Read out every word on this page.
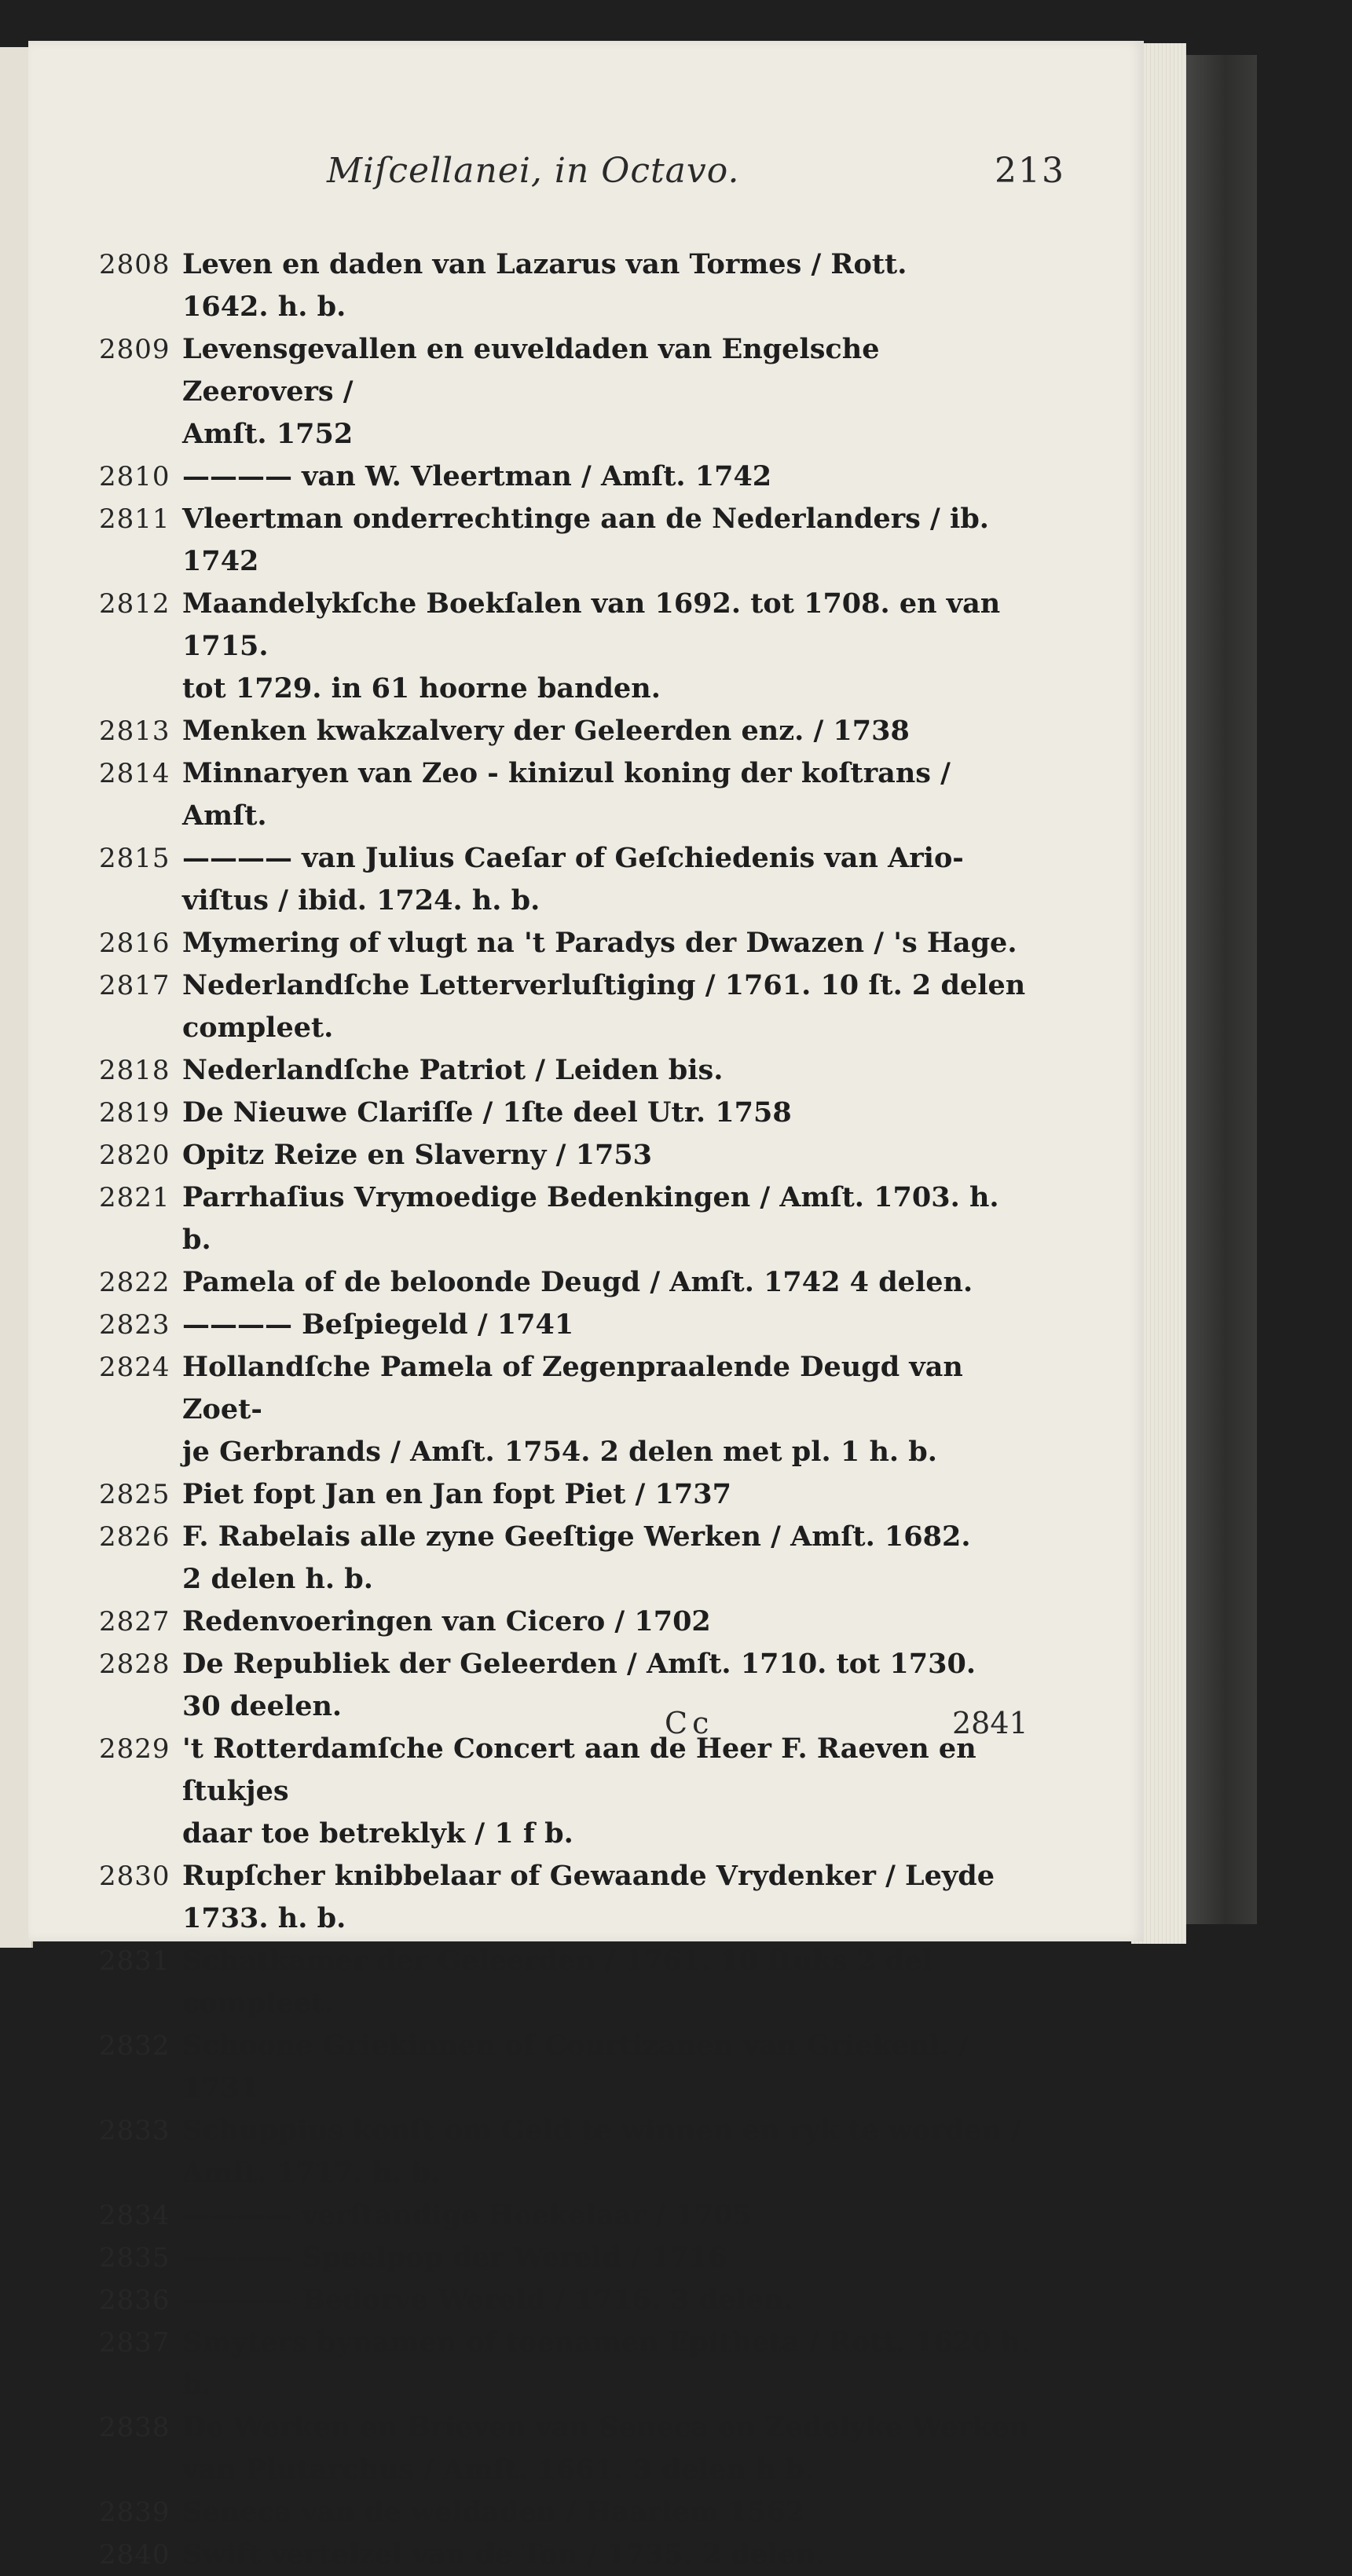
Miſcellanei, in Octavo.	213
2808 Leven en daden van Lazarus van Tormes / Rott.
1642. h. b.
2809 Levensgevallen en euveldaden van Engelsche Zeerovers /
Amſt. 1752
2810 ———— van W. Vleertman / Amſt. 1742
2811 Vleertman onderrechtinge aan de Nederlanders / ib. 1742
2812 Maandelykſche Boekſalen van 1692. tot 1708. en van 1715.
tot 1729. in 61 hoorne banden.
2813 Menken kwakzalvery der Geleerden enz. / 1738
2814 Minnaryen van Zeo - kinizul koning der koſtrans / Amſt.
2815 ———— van Julius Caeſar of Geſchiedenis van Ario-
viſtus / ibid. 1724. h. b.
2816 Mymering of vlugt na 't Paradys der Dwazen / 's Hage.
2817 Nederlandſche Letterverluſtiging / 1761. 10 ſt. 2 delen
compleet.
2818 Nederlandſche Patriot / Leiden bis.
2819 De Nieuwe Clariſſe / 1ſte deel Utr. 1758
2820 Opitz Reize en Slaverny / 1753
2821 Parrhaſius Vrymoedige Bedenkingen / Amſt. 1703. h. b.
2822 Pamela of de beloonde Deugd / Amſt. 1742 4 delen.
2823 ———— Beſpiegeld / 1741
2824 Hollandſche Pamela of Zegenpraalende Deugd van Zoet-
je Gerbrands / Amſt. 1754. 2 delen met pl. 1 h. b.
2825 Piet fopt Jan en Jan fopt Piet / 1737
2826 F. Rabelais alle zyne Geeſtige Werken / Amſt. 1682.
2 delen h. b.
2827 Redenvoeringen van Cicero / 1702
2828 De Republiek der Geleerden / Amſt. 1710. tot 1730.
30 deelen.
2829 't Rotterdamſche Concert aan de Heer F. Raeven en ſtukjes
daar toe betreklyk / 1 f b.
2830 Rupſcher knibbelaar of Gewaande Vrydenker / Leyde
1733. h. b.
2831 Schatkamer der Geleerden / 1761. 10 ſtuks 2 del compleet.
2832 Schoone Griekinnen of Courtizanen van Griekenl. / 1731
2833 Schuppius konſt om Geld te winnen en ryk te worden /
Amſt. 1717. h. b.
2834 ———— verſtandige Heekelaar / 1705
2835 ———— Speelpop der Wereld / 1716
2836 ———— Bedorve Wereld / 1716. 3 delen.
2837 Smyters bynamen of toenamen Epitheta / Rott. 1620 h. b.
2838 De Werken en Brieven van Seneca en Zedelyke Werken
van Plutarchus / Amſt. 1661. 3 delen h b.
2839 Seneca van de weldaden / Haarlem 1562
2840 Swift vertelzel van de Ton / 1735. 2 delen.
Cc	2841
